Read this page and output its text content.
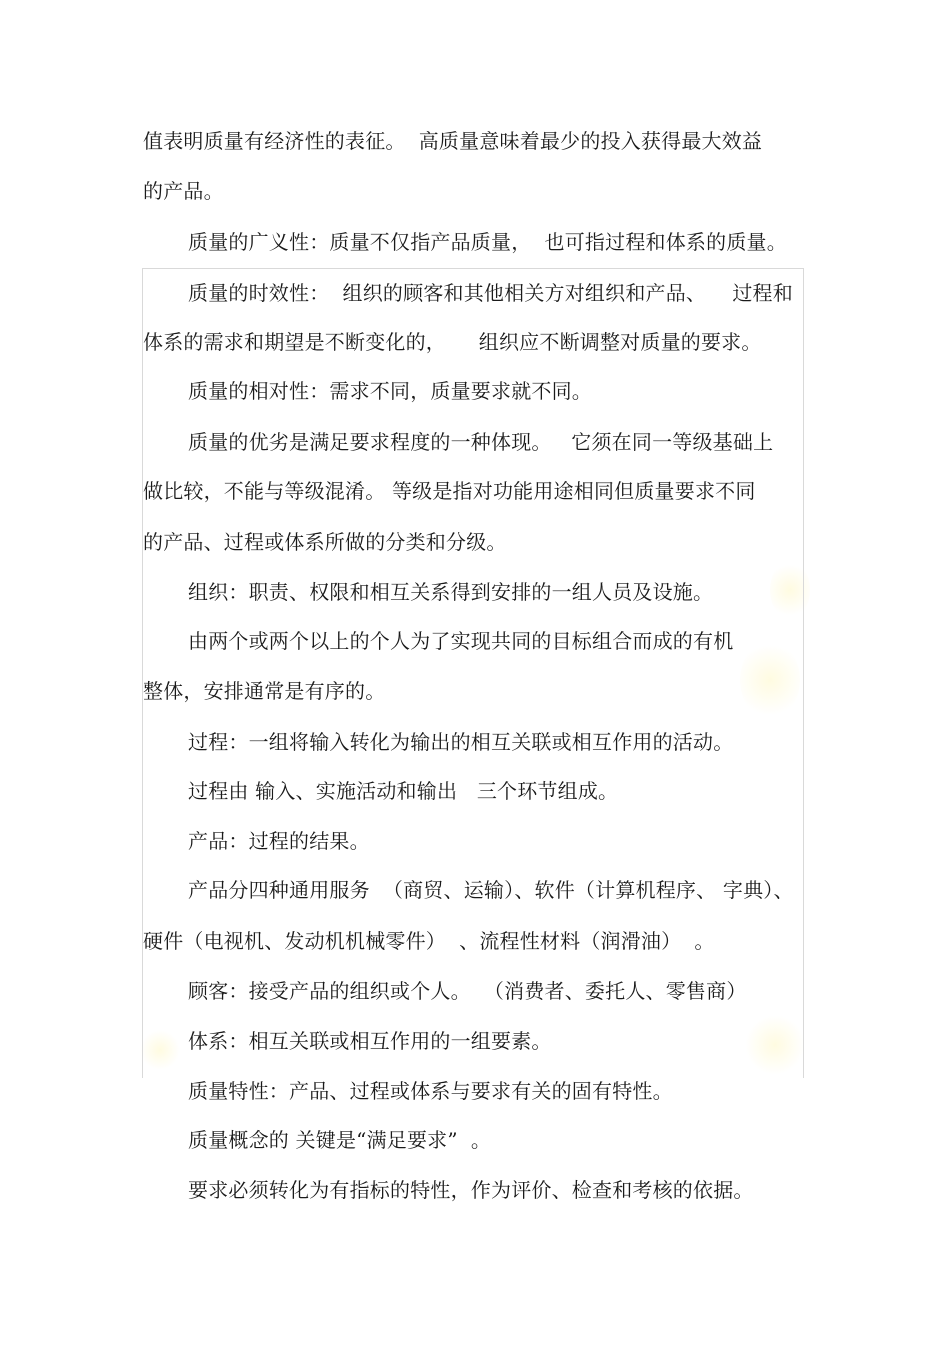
值表明质量有经济性的表征。  高质量意味着最少的投入获得最大效益
的产品。
质量的广义性：质量不仅指产品质量，  也可指过程和体系的质量。
质量的时效性：  组织的顾客和其他相关方对组织和产品、    过程和
体系的需求和期望是不断变化的，     组织应不断调整对质量的要求。
质量的相对性：需求不同，质量要求就不同。
质量的优劣是满足要求程度的一种体现。   它须在同一等级基础上
做比较，不能与等级混淆。 等级是指对功能用途相同但质量要求不同
的产品、过程或体系所做的分类和分级。
组织：职责、权限和相互关系得到安排的一组人员及设施。
由两个或两个以上的个人为了实现共同的目标组合而成的有机
整体，安排通常是有序的。
过程：一组将输入转化为输出的相互关联或相互作用的活动。
过程由 输入、实施活动和输出   三个环节组成。
产品：过程的结果。
产品分四种通用服务  （商贸、运输）、软件（计算机程序、 字典）、
硬件（电视机、发动机机械零件）  、流程性材料（润滑油）  。
顾客：接受产品的组织或个人。  （消费者、委托人、零售商）
体系：相互关联或相互作用的一组要素。
质量特性：产品、过程或体系与要求有关的固有特性。
质量概念的 关键是“满足要求”  。
要求必须转化为有指标的特性，作为评价、检查和考核的依据。
